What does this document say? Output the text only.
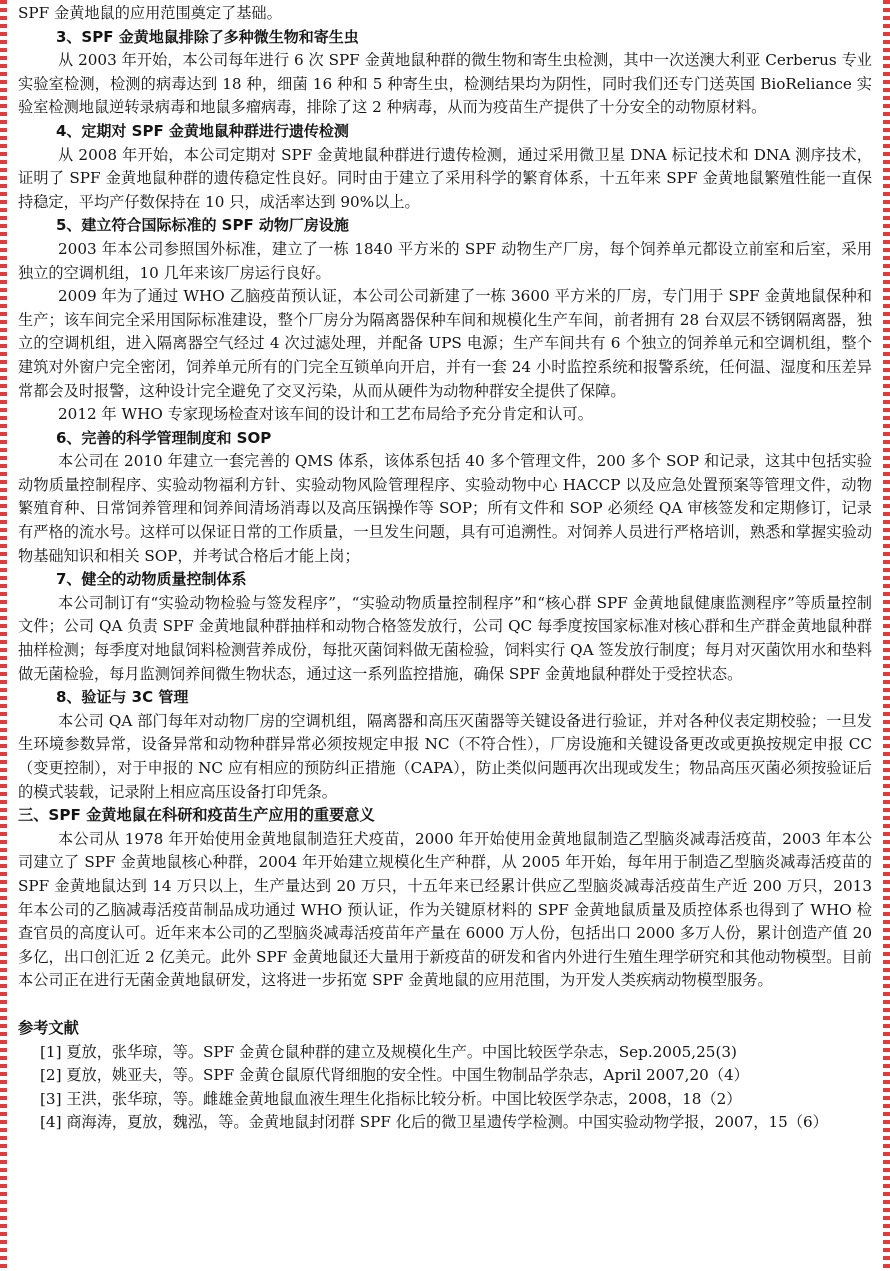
SPF 金黄地鼠的应用范围奠定了基础。

3、SPF 金黄地鼠排除了多种微生物和寄生虫

从 2003 年开始，本公司每年进行 6 次 SPF 金黄地鼠种群的微生物和寄生虫检测，其中一次送澳大利亚 Cerberus 专业实验室检测，检测的病毒达到 18 种，细菌 16 种和 5 种寄生虫，检测结果均为阴性，同时我们还专门送英国 BioReliance 实验室检测地鼠逆转录病毒和地鼠多瘤病毒，排除了这 2 种病毒，从而为疫苗生产提供了十分安全的动物原材料。

4、定期对 SPF 金黄地鼠种群进行遗传检测

从 2008 年开始，本公司定期对 SPF 金黄地鼠种群进行遗传检测，通过采用微卫星 DNA 标记技术和 DNA 测序技术，证明了 SPF 金黄地鼠种群的遗传稳定性良好。同时由于建立了采用科学的繁育体系，十五年来 SPF 金黄地鼠繁殖性能一直保持稳定，平均产仔数保持在 10 只，成活率达到 90%以上。

5、建立符合国际标准的 SPF 动物厂房设施

2003 年本公司参照国外标准，建立了一栋 1840 平方米的 SPF 动物生产厂房，每个饲养单元都设立前室和后室，采用独立的空调机组，10 几年来该厂房运行良好。

2009 年为了通过 WHO 乙脑疫苗预认证，本公司公司新建了一栋 3600 平方米的厂房，专门用于 SPF 金黄地鼠保种和生产；该车间完全采用国际标准建设，整个厂房分为隔离器保种车间和规模化生产车间，前者拥有 28 台双层不锈钢隔离器，独立的空调机组，进入隔离器空气经过 4 次过滤处理，并配备 UPS 电源；生产车间共有 6 个独立的饲养单元和空调机组，整个建筑对外窗户完全密闭，饲养单元所有的门完全互锁单向开启，并有一套 24 小时监控系统和报警系统，任何温、湿度和压差异常都会及时报警，这种设计完全避免了交叉污染，从而从硬件为动物种群安全提供了保障。

2012 年 WHO 专家现场检查对该车间的设计和工艺布局给予充分肯定和认可。

6、完善的科学管理制度和 SOP

本公司在 2010 年建立一套完善的 QMS 体系，该体系包括 40 多个管理文件，200 多个 SOP 和记录，这其中包括实验动物质量控制程序、实验动物福利方针、实验动物风险管理程序、实验动物中心 HACCP 以及应急处置预案等管理文件，动物繁殖育种、日常饲养管理和饲养间清场消毒以及高压锅操作等 SOP；所有文件和 SOP 必须经 QA 审核签发和定期修订，记录有严格的流水号。这样可以保证日常的工作质量，一旦发生问题，具有可追溯性。对饲养人员进行严格培训，熟悉和掌握实验动物基础知识和相关 SOP，并考试合格后才能上岗；

7、健全的动物质量控制体系

本公司制订有“实验动物检验与签发程序”，“实验动物质量控制程序”和“核心群 SPF 金黄地鼠健康监测程序”等质量控制文件；公司 QA 负责 SPF 金黄地鼠种群抽样和动物合格签发放行，公司 QC 每季度按国家标准对核心群和生产群金黄地鼠种群抽样检测；每季度对地鼠饲料检测营养成份，每批灭菌饲料做无菌检验，饲料实行 QA 签发放行制度；每月对灭菌饮用水和垫料做无菌检验，每月监测饲养间微生物状态，通过这一系列监控措施，确保 SPF 金黄地鼠种群处于受控状态。

8、验证与 3C 管理

本公司 QA 部门每年对动物厂房的空调机组，隔离器和高压灭菌器等关键设备进行验证，并对各种仪表定期校验；一旦发生环境参数异常，设备异常和动物种群异常必须按规定申报 NC（不符合性），厂房设施和关键设备更改或更换按规定申报 CC（变更控制），对于申报的 NC 应有相应的预防纠正措施（CAPA），防止类似问题再次出现或发生；物品高压灭菌必须按验证后的模式装载，记录附上相应高压设备打印凭条。

三、SPF 金黄地鼠在科研和疫苗生产应用的重要意义

本公司从 1978 年开始使用金黄地鼠制造狂犬疫苗，2000 年开始使用金黄地鼠制造乙型脑炎减毒活疫苗，2003 年本公司建立了 SPF 金黄地鼠核心种群，2004 年开始建立规模化生产种群，从 2005 年开始，每年用于制造乙型脑炎减毒活疫苗的 SPF 金黄地鼠达到 14 万只以上，生产量达到 20 万只，十五年来已经累计供应乙型脑炎减毒活疫苗生产近 200 万只，2013 年本公司的乙脑减毒活疫苗制品成功通过 WHO 预认证，作为关键原材料的 SPF 金黄地鼠质量及质控体系也得到了 WHO 检查官员的高度认可。近年来本公司的乙型脑炎减毒活疫苗年产量在 6000 万人份，包括出口 2000 多万人份，累计创造产值 20 多亿，出口创汇近 2 亿美元。此外 SPF 金黄地鼠还大量用于新疫苗的研发和省内外进行生殖生理学研究和其他动物模型。目前本公司正在进行无菌金黄地鼠研发，这将进一步拓宽 SPF 金黄地鼠的应用范围，为开发人类疾病动物模型服务。

参考文献

[1] 夏放，张华琼，等。SPF 金黄仓鼠种群的建立及规模化生产。中国比较医学杂志，Sep.2005,25(3)

[2] 夏放，姚亚夫，等。SPF 金黄仓鼠原代肾细胞的安全性。中国生物制品学杂志，April 2007,20（4）

[3] 王洪，张华琼，等。雌雄金黄地鼠血液生理生化指标比较分析。中国比较医学杂志，2008，18（2）

[4] 商海涛，夏放，魏泓，等。金黄地鼠封闭群 SPF 化后的微卫星遗传学检测。中国实验动物学报，2007，15（6）
